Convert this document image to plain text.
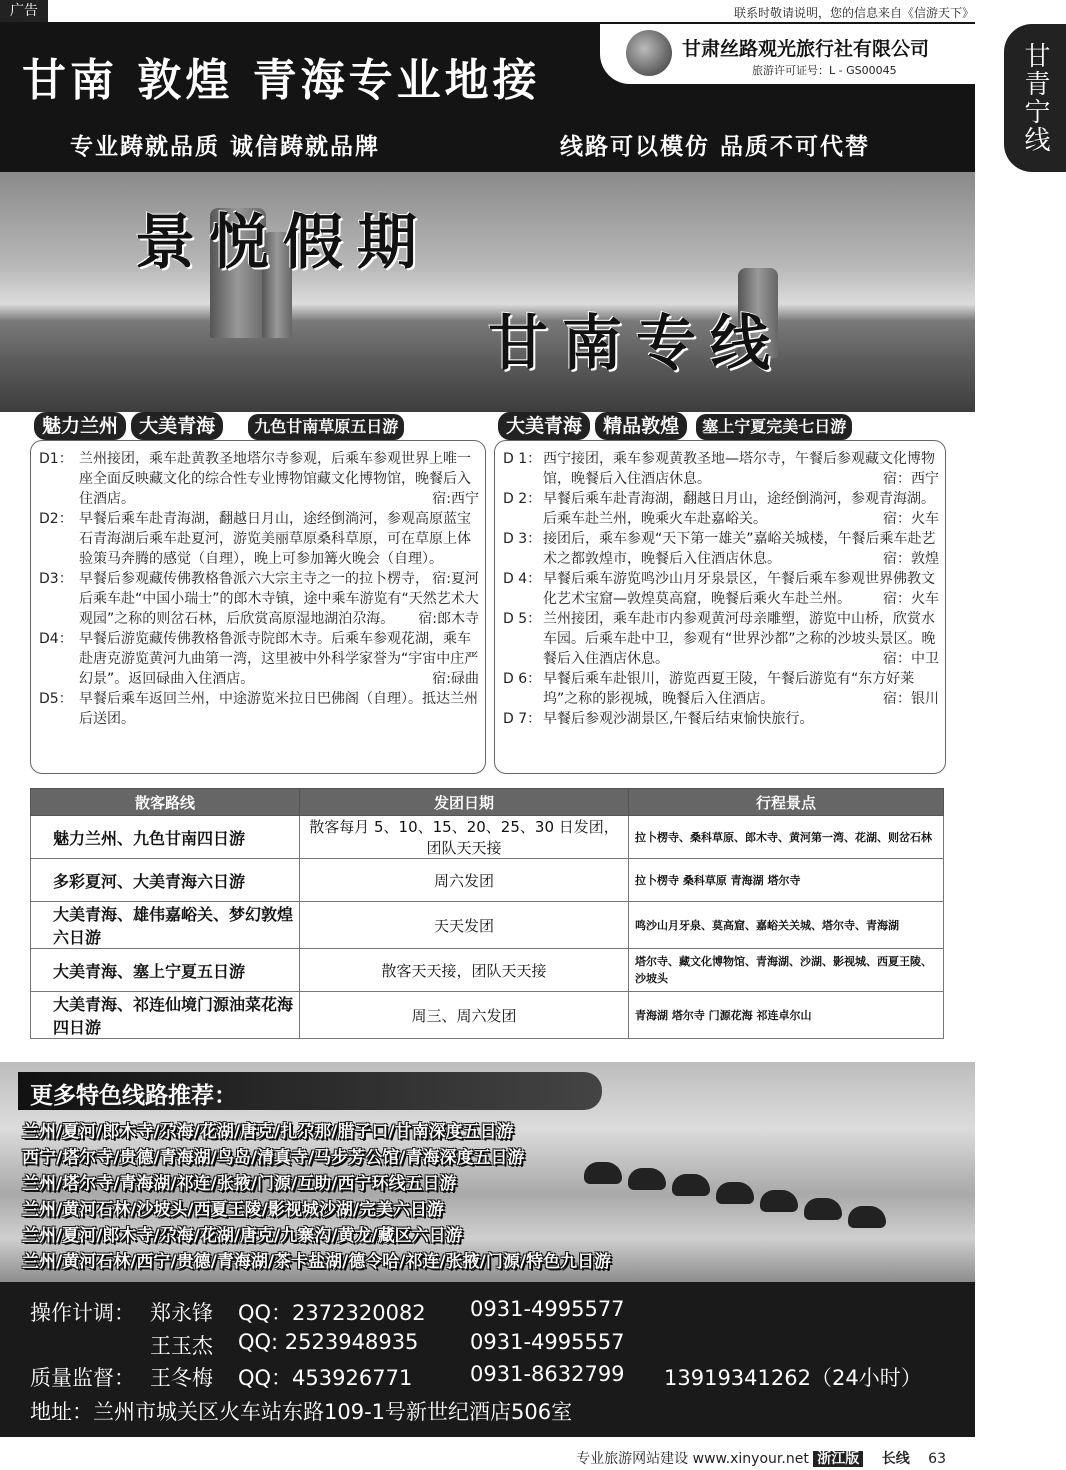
广告	联系时敬请说明，您的信息来自《信游天下》
甘青宁线
甘南 敦煌 青海专业地接
甘肃丝路观光旅行社有限公司
旅游许可证号：L - GS00045
专业踌就品质 诚信踌就品牌	线路可以模仿 品质不可代替
景悦假期
甘南专线
魅力兰州 大美青海 九色甘南草原五日游
D1： 兰州接团，乘车赴黄教圣地塔尔寺参观，后乘车参观世界上唯一座全面反映藏文化的综合性专业博物馆藏文化博物馆，晚餐后入住酒店。	宿:西宁
D2： 早餐后乘车赴青海湖，翻越日月山，途经倒淌河，参观高原蓝宝石青海湖后乘车赴夏河，游览美丽草原桑科草原，可在草原上体验策马奔腾的感觉（自理），晚上可参加篝火晚会（自理）。
宿:夏河
D3： 早餐后参观藏传佛教格鲁派六大宗主寺之一的拉卜楞寺，后乘车赴“中国小瑞士”的郎木寺镇，途中乘车游览有“天然艺术大观园”之称的则岔石林，后欣赏高原湿地湖泊尕海。 宿:郎木寺
D4： 早餐后游览藏传佛教格鲁派寺院郎木寺。后乘车参观花湖，乘车赴唐克游览黄河九曲第一湾，这里被中外科学家誉为“宇宙中庄严幻景”。返回碌曲入住酒店。	宿:碌曲
D5： 早餐后乘车返回兰州，中途游览米拉日巴佛阁（自理）。抵达兰州后送团。
大美青海 精品敦煌 塞上宁夏完美七日游
D 1： 西宁接团，乘车参观黄教圣地—塔尔寺，午餐后参观藏文化博物馆，晚餐后入住酒店休息。	宿：西宁
D 2： 早餐后乘车赴青海湖，翻越日月山，途经倒淌河，参观青海湖。后乘车赴兰州，晚乘火车赴嘉峪关。	宿：火车
D 3： 接团后，乘车参观“天下第一雄关”嘉峪关城楼，午餐后乘车赴艺术之都敦煌市，晚餐后入住酒店休息。	宿：敦煌
D 4： 早餐后乘车游览鸣沙山月牙泉景区，午餐后乘车参观世界佛教文化艺术宝窟—敦煌莫高窟，晚餐后乘火车赴兰州。 宿：火车
D 5： 兰州接团，乘车赴市内参观黄河母亲雕塑，游览中山桥，欣赏水车园。后乘车赴中卫，参观有“世界沙都”之称的沙坡头景区。晚餐后入住酒店休息。	宿：中卫
D 6： 早餐后乘车赴银川，游览西夏王陵，午餐后游览有“东方好莱坞”之称的影视城，晚餐后入住酒店。	宿：银川
D 7： 早餐后参观沙湖景区,午餐后结束愉快旅行。
散客路线	发团日期	行程景点
魅力兰州、九色甘南四日游	散客每月 5、10、15、20、25、30 日发团，团队天天接	拉卜楞寺、桑科草原、郎木寺、黄河第一湾、花湖、则岔石林
多彩夏河、大美青海六日游	周六发团	拉卜楞寺 桑科草原 青海湖 塔尔寺
大美青海、雄伟嘉峪关、梦幻敦煌六日游	天天发团	鸣沙山月牙泉、莫高窟、嘉峪关关城、塔尔寺、青海湖
大美青海、塞上宁夏五日游	散客天天接，团队天天接	塔尔寺、藏文化博物馆、青海湖、沙湖、影视城、西夏王陵、沙坡头
大美青海、祁连仙境门源油菜花海四日游	周三、周六发团	青海湖 塔尔寺 门源花海 祁连卓尔山
更多特色线路推荐：
兰州/夏河/郎木寺/尕海/花湖/唐克/扎尕那/腊子口/甘南深度五日游
西宁/塔尔寺/贵德/青海湖/鸟岛/清真寺/马步芳公馆/青海深度五日游
兰州/塔尔寺/青海湖/祁连/张掖/门源/互助/西宁环线五日游
兰州/黄河石林/沙坡头/西夏王陵/影视城沙湖/完美六日游
兰州/夏河/郎木寺/尕海/花湖/唐克/九寨沟/黄龙/藏区六日游
兰州/黄河石林/西宁/贵德/青海湖/茶卡盐湖/德令哈/祁连/张掖/门源/特色九日游
操作计调： 郑永锋 QQ：2372320082 0931-4995577
王玉杰 QQ: 2523948935 0931-4995557
质量监督： 王冬梅 QQ：453926771	0931-8632799 13919341262（24小时）
地址：兰州市城关区火车站东路109-1号新世纪酒店506室
专业旅游网站建设 www.xinyour.net 浙江版 长线 63
